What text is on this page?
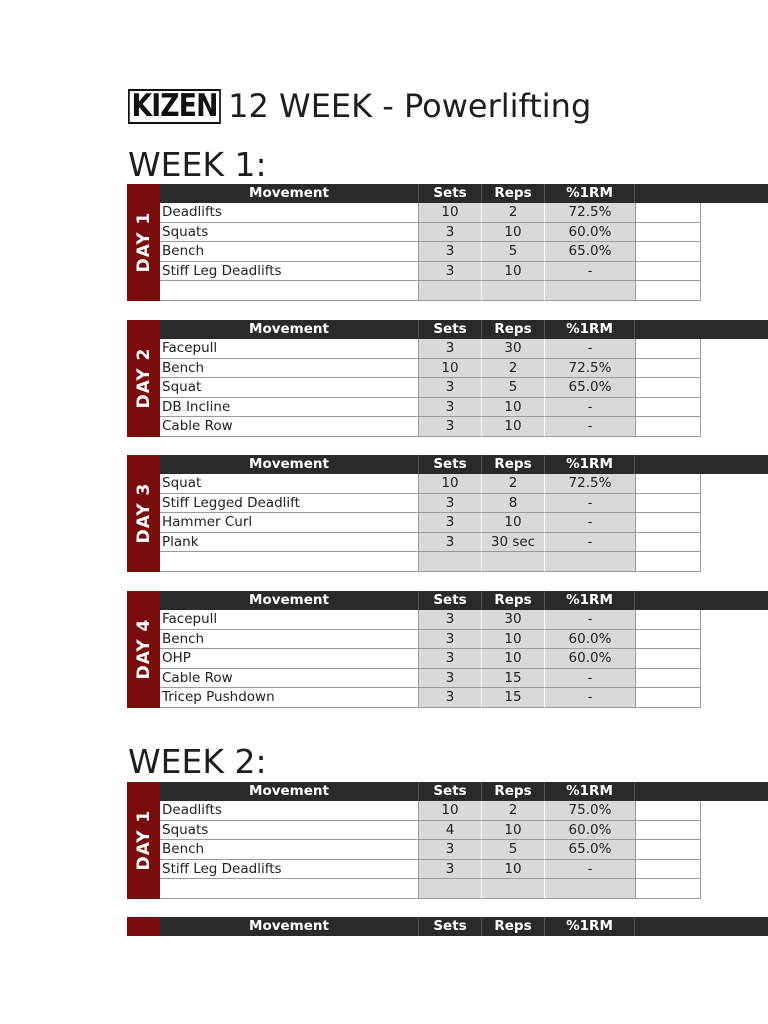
KIZEN 12 WEEK - Powerlifting
WEEK 1:
DAY 1
Movement	Sets	Reps	%1RM
Deadlifts	10	2	72.5%
Squats	3	10	60.0%
Bench	3	5	65.0%
Stiff Leg Deadlifts	3	10	-
DAY 2
Movement	Sets	Reps	%1RM
Facepull	3	30	-
Bench	10	2	72.5%
Squat	3	5	65.0%
DB Incline	3	10	-
Cable Row	3	10	-
DAY 3
Movement	Sets	Reps	%1RM
Squat	10	2	72.5%
Stiff Legged Deadlift	3	8	-
Hammer Curl	3	10	-
Plank	3	30 sec	-
DAY 4
Movement	Sets	Reps	%1RM
Facepull	3	30	-
Bench	3	10	60.0%
OHP	3	10	60.0%
Cable Row	3	15	-
Tricep Pushdown	3	15	-
WEEK 2:
DAY 1
Movement	Sets	Reps	%1RM
Deadlifts	10	2	75.0%
Squats	4	10	60.0%
Bench	3	5	65.0%
Stiff Leg Deadlifts	3	10	-
Movement	Sets	Reps	%1RM
